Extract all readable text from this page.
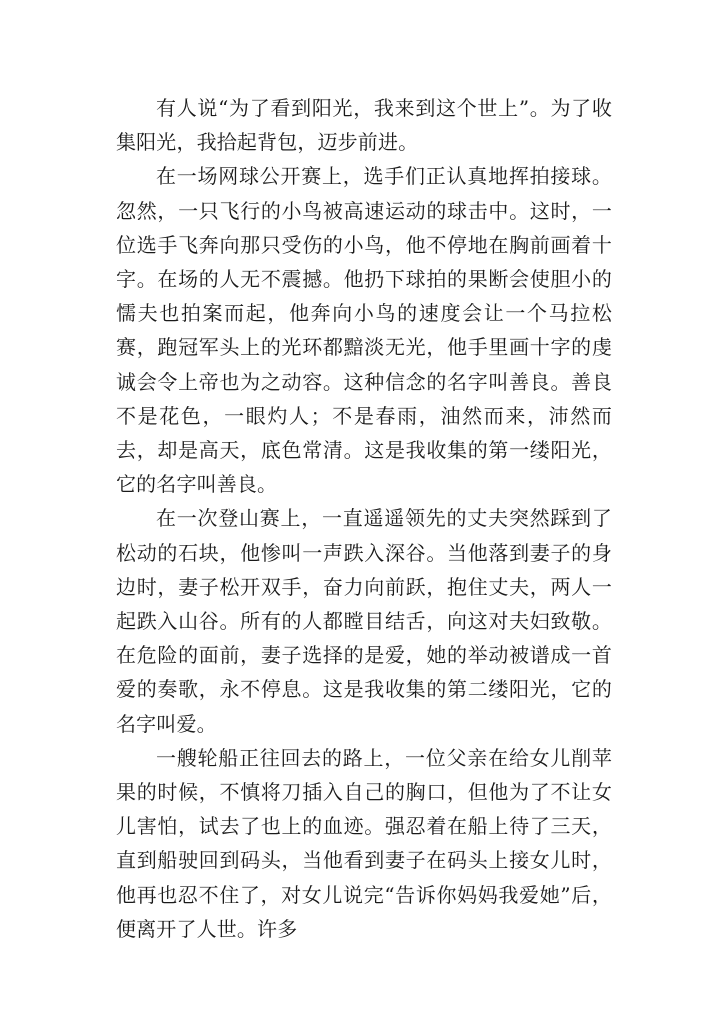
有人说“为了看到阳光，我来到这个世上”。为了收集阳光，我拾起背包，迈步前进。

在一场网球公开赛上，选手们正认真地挥拍接球。忽然，一只飞行的小鸟被高速运动的球击中。这时，一位选手飞奔向那只受伤的小鸟，他不停地在胸前画着十字。在场的人无不震撼。他扔下球拍的果断会使胆小的懦夫也拍案而起，他奔向小鸟的速度会让一个马拉松赛，跑冠军头上的光环都黯淡无光，他手里画十字的虔诚会令上帝也为之动容。这种信念的名字叫善良。善良不是花色，一眼灼人；不是春雨，油然而来，沛然而去，却是高天，底色常清。这是我收集的第一缕阳光，它的名字叫善良。

在一次登山赛上，一直遥遥领先的丈夫突然踩到了松动的石块，他惨叫一声跌入深谷。当他落到妻子的身边时，妻子松开双手，奋力向前跃，抱住丈夫，两人一起跌入山谷。所有的人都瞠目结舌，向这对夫妇致敬。在危险的面前，妻子选择的是爱，她的举动被谱成一首爱的奏歌，永不停息。这是我收集的第二缕阳光，它的名字叫爱。

一艘轮船正往回去的路上，一位父亲在给女儿削苹果的时候，不慎将刀插入自己的胸口，但他为了不让女儿害怕，试去了也上的血迹。强忍着在船上待了三天，直到船驶回到码头，当他看到妻子在码头上接女儿时，他再也忍不住了，对女儿说完“告诉你妈妈我爱她”后，便离开了人世。许多
